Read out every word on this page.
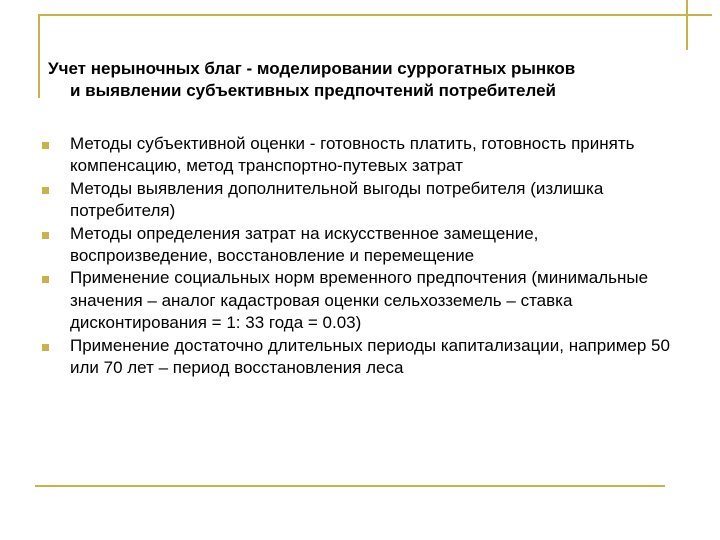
Учет нерыночных благ - моделировании суррогатных рынков
и выявлении субъективных предпочтений потребителей
Методы субъективной оценки - готовность платить, готовность принять компенсацию, метод транспортно-путевых затрат
Методы выявления дополнительной выгоды потребителя (излишка потребителя)
Методы определения затрат на искусственное замещение, воспроизведение, восстановление и перемещение
Применение социальных норм временного предпочтения (минимальные значения – аналог кадастровая оценки сельхозземель – ставка дисконтирования = 1: 33 года = 0.03)
Применение достаточно длительных периоды капитализации, например 50 или 70 лет – период восстановления леса
